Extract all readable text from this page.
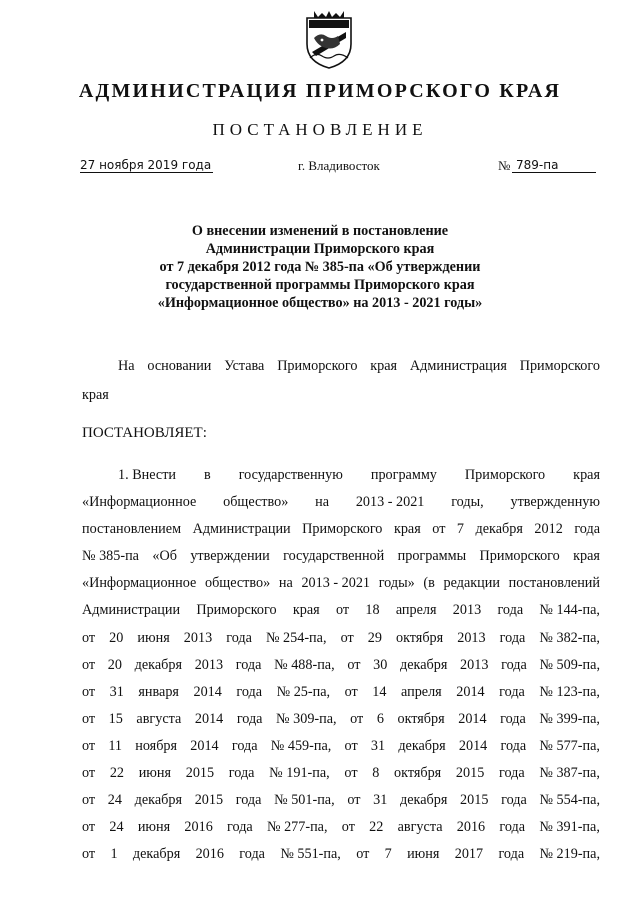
АДМИНИСТРАЦИЯ ПРИМОРСКОГО КРАЯ
ПОСТАНОВЛЕНИЕ
27 ноября 2019 года	г. Владивосток	№ 789-па
О внесении изменений в постановление
Администрации Приморского края
от 7 декабря 2012 года № 385-па «Об утверждении
государственной программы Приморского края
«Информационное общество» на 2013 - 2021 годы»
На основании Устава Приморского края Администрация Приморского
края
ПОСТАНОВЛЯЕТ:
1. Внести в государственную программу Приморского края
«Информационное общество» на 2013 - 2021 годы, утвержденную
постановлением Администрации Приморского края от 7 декабря 2012 года
№ 385-па «Об утверждении государственной программы Приморского края
«Информационное общество» на 2013 - 2021 годы» (в редакции постановлений
Администрации Приморского края от 18 апреля 2013 года № 144-па,
от 20 июня 2013 года № 254-па, от 29 октября 2013 года № 382-па,
от 20 декабря 2013 года № 488-па, от 30 декабря 2013 года № 509-па,
от 31 января 2014 года № 25-па, от 14 апреля 2014 года № 123-па,
от 15 августа 2014 года № 309-па, от 6 октября 2014 года № 399-па,
от 11 ноября 2014 года № 459-па, от 31 декабря 2014 года № 577-па,
от 22 июня 2015 года № 191-па, от 8 октября 2015 года № 387-па,
от 24 декабря 2015 года № 501-па, от 31 декабря 2015 года № 554-па,
от 24 июня 2016 года № 277-па, от 22 августа 2016 года № 391-па,
от 1 декабря 2016 года № 551-па, от 7 июня 2017 года № 219-па,
